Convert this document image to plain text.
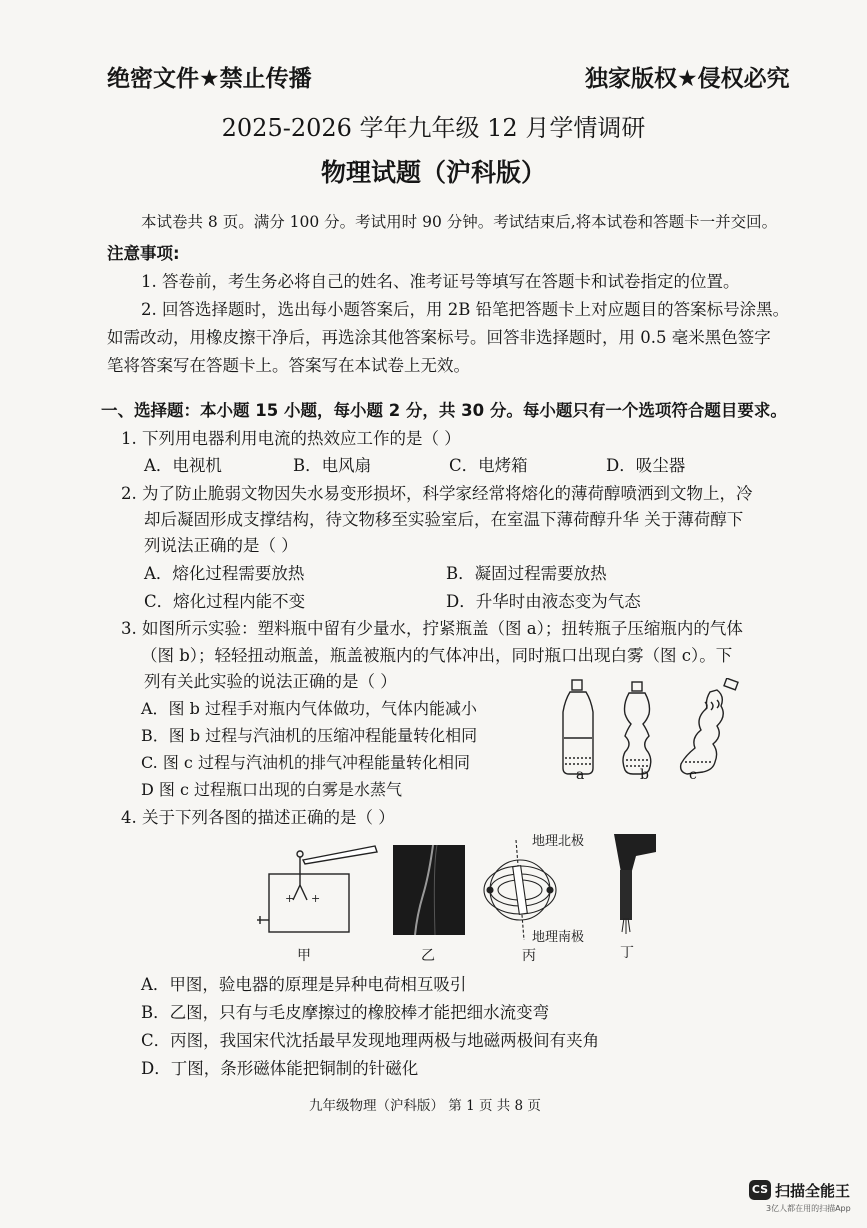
绝密文件★禁止传播	独家版权★侵权必究
2025-2026 学年九年级 12 月学情调研
物理试题（沪科版）
本试卷共 8 页。满分 100 分。考试用时 90 分钟。考试结束后,将本试卷和答题卡一并交回。
注意事项:
1. 答卷前，考生务必将自己的姓名、准考证号等填写在答题卡和试卷指定的位置。
2. 回答选择题时，选出每小题答案后，用 2B 铅笔把答题卡上对应题目的答案标号涂黑。
如需改动，用橡皮擦干净后，再选涂其他答案标号。回答非选择题时，用 0.5 毫米黑色签字
笔将答案写在答题卡上。答案写在本试卷上无效。
一、选择题：本小题 15 小题，每小题 2 分，共 30 分。每小题只有一个选项符合题目要求。
1. 下列用电器利用电流的热效应工作的是（ ）
A．电视机	B．电风扇	C．电烤箱	D．吸尘器
2. 为了防止脆弱文物因失水易变形损坏，科学家经常将熔化的薄荷醇喷洒到文物上，冷
却后凝固形成支撑结构，待文物移至实验室后，在室温下薄荷醇升华 关于薄荷醇下
列说法正确的是（ ）
A．熔化过程需要放热	B．凝固过程需要放热
C．熔化过程内能不变	D．升华时由液态变为气态
3. 如图所示实验：塑料瓶中留有少量水，拧紧瓶盖（图 a）；扭转瓶子压缩瓶内的气体
（图 b）；轻轻扭动瓶盖，瓶盖被瓶内的气体冲出，同时瓶口出现白雾（图 c）。下
列有关此实验的说法正确的是（ ）
A．图 b 过程手对瓶内气体做功，气体内能减小
B．图 b 过程与汽油机的压缩冲程能量转化相同
C. 图 c 过程与汽油机的排气冲程能量转化相同
D 图 c 过程瓶口出现的白雾是水蒸气
a	b	c
4. 关于下列各图的描述正确的是（ ）
+ +
甲	乙
地理北极
地理南极
丙	丁
A．甲图，验电器的原理是异种电荷相互吸引
B．乙图，只有与毛皮摩擦过的橡胶棒才能把细水流变弯
C．丙图，我国宋代沈括最早发现地理两极与地磁两极间有夹角
D．丁图，条形磁体能把铜制的针磁化
九年级物理（沪科版） 第 1 页 共 8 页
CS 扫描全能王
3亿人都在用的扫描App
